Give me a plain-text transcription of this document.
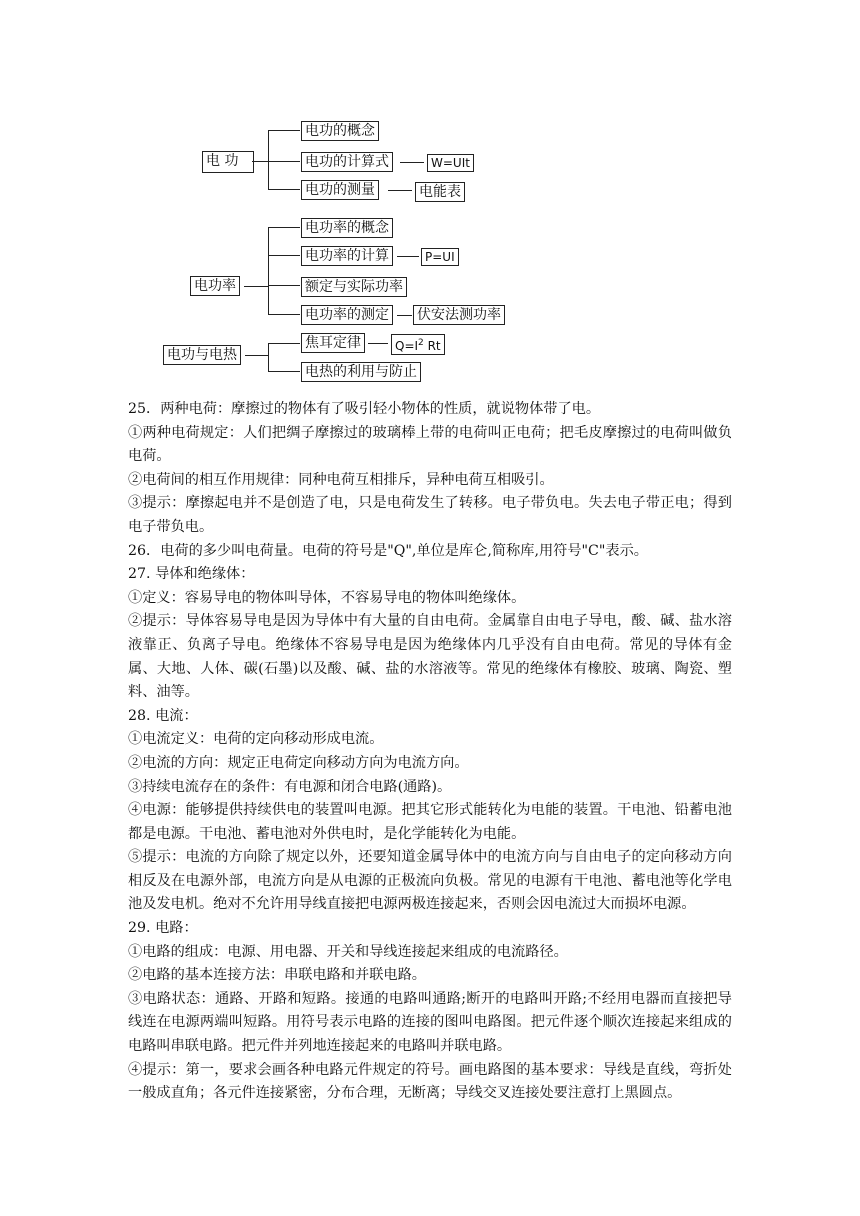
电 功
电功的概念
电功的计算式
电功的测量
W=UIt
电能表
电功率
电功率的概念
电功率的计算
额定与实际功率
电功率的测定
P=UI
伏安法测功率
电功与电热
焦耳定律
电热的利用与防止
$Q=I^2$ Rt

25．两种电荷：摩擦过的物体有了吸引轻小物体的性质，就说物体带了电。

①两种电荷规定：人们把绸子摩擦过的玻璃棒上带的电荷叫正电荷；把毛皮摩擦过的电荷叫做负电荷。

②电荷间的相互作用规律：同种电荷互相排斥，异种电荷互相吸引。

③提示：摩擦起电并不是创造了电，只是电荷发生了转移。电子带负电。失去电子带正电；得到电子带负电。

26．电荷的多少叫电荷量。电荷的符号是"Q",单位是库仑,简称库,用符号"C"表示。

27. 导体和绝缘体：

①定义：容易导电的物体叫导体，不容易导电的物体叫绝缘体。

②提示：导体容易导电是因为导体中有大量的自由电荷。金属靠自由电子导电，酸、碱、盐水溶液靠正、负离子导电。绝缘体不容易导电是因为绝缘体内几乎没有自由电荷。常见的导体有金属、大地、人体、碳(石墨)以及酸、碱、盐的水溶液等。常见的绝缘体有橡胶、玻璃、陶瓷、塑料、油等。

28. 电流：

①电流定义：电荷的定向移动形成电流。

②电流的方向：规定正电荷定向移动方向为电流方向。

③持续电流存在的条件：有电源和闭合电路(通路)。

④电源：能够提供持续供电的装置叫电源。把其它形式能转化为电能的装置。干电池、铅蓄电池都是电源。干电池、蓄电池对外供电时，是化学能转化为电能。

⑤提示：电流的方向除了规定以外，还要知道金属导体中的电流方向与自由电子的定向移动方向相反及在电源外部，电流方向是从电源的正极流向负极。常见的电源有干电池、蓄电池等化学电池及发电机。绝对不允许用导线直接把电源两极连接起来，否则会因电流过大而损坏电源。

29. 电路：

①电路的组成：电源、用电器、开关和导线连接起来组成的电流路径。

②电路的基本连接方法：串联电路和并联电路。

③电路状态：通路、开路和短路。接通的电路叫通路;断开的电路叫开路;不经用电器而直接把导线连在电源两端叫短路。用符号表示电路的连接的图叫电路图。把元件逐个顺次连接起来组成的电路叫串联电路。把元件并列地连接起来的电路叫并联电路。

④提示：第一，要求会画各种电路元件规定的符号。画电路图的基本要求：导线是直线，弯折处一般成直角；各元件连接紧密，分布合理，无断离；导线交叉连接处要注意打上黑圆点。
